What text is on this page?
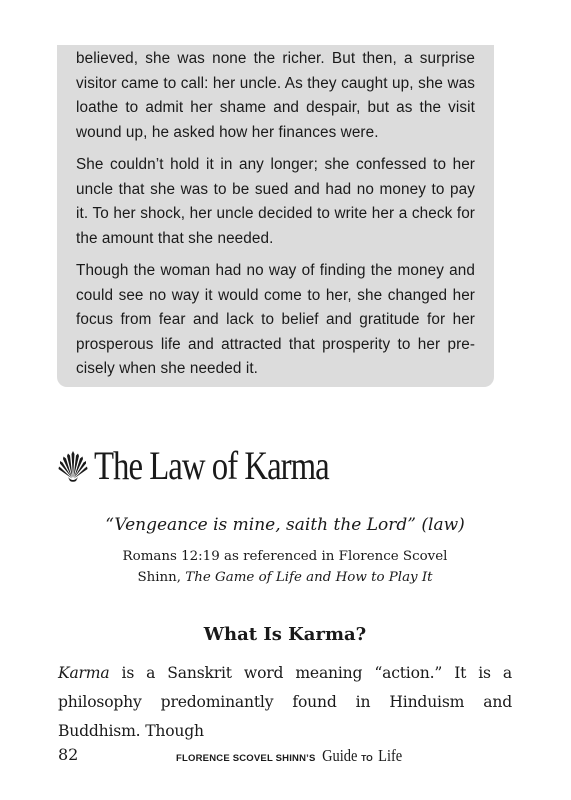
believed, she was none the richer. But then, a surprise visitor came to call: her uncle. As they caught up, she was loathe to admit her shame and despair, but as the visit wound up, he asked how her finances were.

She couldn’t hold it in any longer; she confessed to her uncle that she was to be sued and had no money to pay it. To her shock, her uncle decided to write her a check for the amount that she needed.

Though the woman had no way of finding the money and could see no way it would come to her, she changed her focus from fear and lack to belief and gratitude for her prosperous life and attracted that prosperity to her precisely when she needed it.

The Law of Karma
“Vengeance is mine, saith the Lord” (law)
Romans 12:19 as referenced in Florence Scovel
Shinn, The Game of Life and How to Play It
What Is Karma?

Karma is a Sanskrit word meaning “action.” It is a philosophy predominantly found in Hinduism and Buddhism. Though

82	FLORENCE SCOVEL SHINN’S Guide TO Life
